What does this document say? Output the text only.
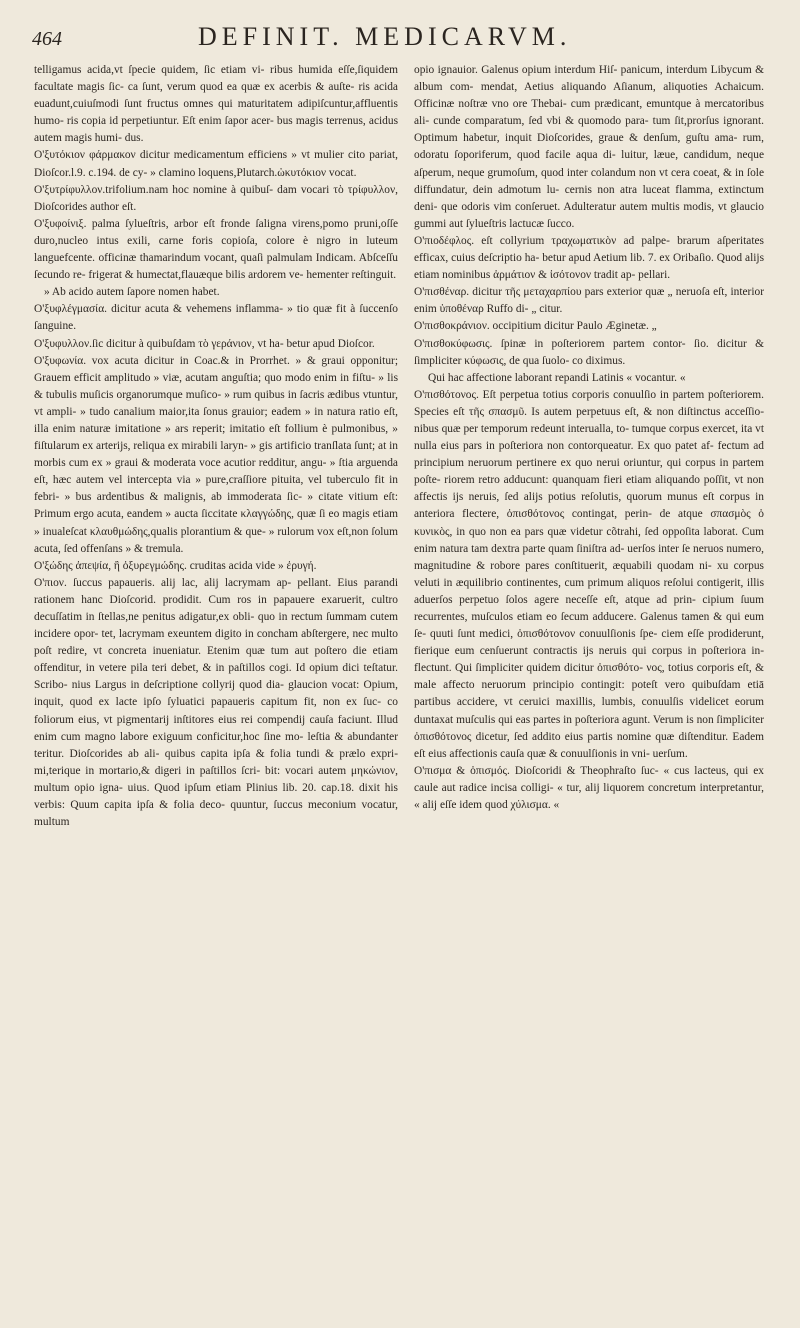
464	DEFINIT. MEDICARVM.

telligamus acida,vt ſpecie quidem, ſic etiam vi- ribus humida eſſe,ſiquidem facultate magis ſic- ca ſunt, verum quod ea quæ ex acerbis & auſte- ris acida euadunt,cuiuſmodi ſunt fructus omnes qui maturitatem adipiſcuntur,affluentis humo- ris copia id perpetiuntur. Eſt enim ſapor acer- bus magis terrenus, acidus autem magis humi- dus.

O'ξυτόκιον φάρμακον dicitur medicamentum efficiens » vt mulier cito pariat, Dioſcor.l.9. c.194. de cy- » clamino loquens,Plutarch.ὠκυτόκιον vocat.

O'ξυτρίφυλλον.trifolium.nam hoc nomine à quibuſ- dam vocari τὸ τρίφυλλον, Dioſcorides author eſt.

O'ξυφοίνιξ. palma ſylueſtris, arbor eſt fronde ſaligna virens,pomo pruni,oſſe duro,nucleo intus exili, carne foris copioſa, colore è nigro in luteum languefcente. officinæ thamarindum vocant, quaſi palmulam Indicam. Abſceſſu ſecundo re- frigerat & humectat,flauæque bilis ardorem ve- hementer reſtinguit.

» Ab acido autem ſapore nomen habet.

O'ξυφλέγμασία. dicitur acuta & vehemens inflamma- » tio quæ fit à ſuccenſo ſanguine.

O'ξυφυλλον.ſic dicitur à quibuſdam τὸ γεράνιον, vt ha- betur apud Dioſcor.

O'ξυφωνία. vox acuta dicitur in Coac.& in Prorrhet. » & graui opponitur; Grauem efficit amplitudo » viæ, acutam anguſtia; quo modo enim in fiſtu- » lis & tubulis muſicis organorumque muſico- » rum quibus in ſacris ædibus vtuntur, vt ampli- » tudo canalium maior,ita ſonus grauior; eadem » in natura ratio eſt, illa enim naturæ imitatione » ars reperit; imitatio eſt follium è pulmonibus, » fiſtularum ex arterijs, reliqua ex mirabili laryn- » gis artificio tranſlata ſunt; at in morbis cum ex » graui & moderata voce acutior redditur, angu- » ſtia arguenda eſt, hæc autem vel intercepta via » pure,craſſiore pituita, vel tuberculo fit in febri- » bus ardentibus & malignis, ab immoderata ſic- » citate vitium eſt: Primum ergo acuta, eandem » aucta ſiccitate κλαγγώδης, quæ ſi eo magis etiam » inualeſcat κλαυθμώδης,qualis plorantium & que- » rulorum vox eſt,non ſolum acuta, ſed offenſans » & tremula.

O'ξώδης ἀπεψία, ἢ ὀξυρεγμώδης. cruditas acida vide » ἐρυγή.

O'πιον. ſuccus papaueris. alij lac, alij lacrymam ap- pellant. Eius parandi rationem hanc Dioſcorid. prodidit. Cum ros in papauere exaruerit, cultro decuſſatim in ſtellas,ne penitus adigatur,ex obli- quo in rectum ſummam cutem incidere opor- tet, lacrymam exeuntem digito in concham abſtergere, nec multo poſt redire, vt concreta inueniatur. Etenim quæ tum aut poſtero die etiam offenditur, in vetere pila teri debet, & in paſtillos cogi. Id opium dici teſtatur. Scribo- nius Largus in deſcriptione collyrij quod dia- glaucion vocat: Opium, inquit, quod ex lacte ipſo ſyluatici papaueris capitum fit, non ex ſuc- co foliorum eius, vt pigmentarij inſtitores eius rei compendij cauſa faciunt. Illud enim cum magno labore exiguum conficitur,hoc ſine mo- leſtia & abundanter teritur. Dioſcorides ab ali- quibus capita ipſa & folia tundi & prælo expri- mi,terique in mortario,& digeri in paſtillos ſcri- bit: vocari autem μηκώνιον, multum opio igna- uius. Quod ipſum etiam Plinius lib. 20. cap.18. dixit his verbis: Quum capita ipſa & folia deco- quuntur, ſuccus meconium vocatur, multum

opio ignauior. Galenus opium interdum Hiſ- panicum, interdum Libycum & album com- mendat, Aetius aliquando Aſianum, aliquoties Achaicum. Officinæ noſtræ vno ore Thebai- cum prædicant, emuntque à mercatoribus ali- cunde comparatum, ſed vbi & quomodo para- tum ſit,prorſus ignorant. Optimum habetur, inquit Dioſcorides, graue & denſum, guſtu ama- rum, odoratu ſoporiferum, quod facile aqua di- luitur, læue, candidum, neque aſperum, neque grumoſum, quod inter colandum non vt cera coeat, & in ſole diffundatur, dein admotum lu- cernis non atra luceat flamma, extinctum deni- que odoris vim conſeruet. Adulteratur autem multis modis, vt glaucio gummi aut ſylueſtris lactucæ ſucco.

O'πιοδέφλος. eſt collyrium τραχωματικὸν ad palpe- brarum aſperitates efficax, cuius deſcriptio ha- betur apud Aetium lib. 7. ex Oribaſio. Quod alijs etiam nominibus ἀρμάτιον & ἰσότονον tradit ap- pellari.

O'πισθέναρ. dicitur τῆς μεταχαρπίου pars exterior quæ „ neruoſa eſt, interior enim ὑποθέναρ Ruffo di- „ citur.

O'πισθοκράνιον. occipitium dicitur Paulo Æginetæ. „

O'πισθοκύφωσις. ſpinæ in poſteriorem partem contor- ſio. dicitur & ſimpliciter κύφωσις, de qua ſuolo- co diximus.

Qui hac affectione laborant repandi Latinis « vocantur. «

O'πισθότονος. Eſt perpetua totius corporis conuulſio in partem poſteriorem. Species eſt τῆς σπασμῦ. Is autem perpetuus eſt, & non diſtinctus acceſſio- nibus quæ per temporum redeunt interualla, to- tumque corpus exercet, ita vt nulla eius pars in poſteriora non contorqueatur. Ex quo patet af- fectum ad principium neruorum pertinere ex quo nerui oriuntur, qui corpus in partem poſte- riorem retro adducunt: quanquam fieri etiam aliquando poſſit, vt non affectis ijs neruis, ſed alijs potius reſolutis, quorum munus eſt corpus in anteriora flectere, ὀπισθότονος contingat, perin- de atque σπασμὸς ὁ κυνικὸς, in quo non ea pars quæ videtur cõtrahi, ſed oppoſita laborat. Cum enim natura tam dextra parte quam ſiniſtra ad- uerſos inter ſe neruos numero, magnitudine & robore pares conſtituerit, æquabili quodam ni- xu corpus veluti in æquilibrio continentes, cum primum aliquos reſolui contigerit, illis aduerſos perpetuo ſolos agere neceſſe eſt, atque ad prin- cipium ſuum recurrentes, muſculos etiam eo ſecum adducere. Galenus tamen & qui eum ſe- quuti ſunt medici, ὀπισθότονον conuulſionis ſpe- ciem eſſe prodiderunt, fierique eum cenſuerunt contractis ijs neruis qui corpus in poſteriora in- flectunt. Qui ſimpliciter quidem dicitur ὀπισθότο- νος, totius corporis eſt, & male affecto neruorum principio contingit: poteſt vero quibuſdam etiā partibus accidere, vt ceruici maxillis, lumbis, conuulſis videlicet eorum duntaxat muſculis qui eas partes in poſteriora agunt. Verum is non ſimpliciter ὀπισθότονος dicetur, ſed addito eius partis nomine quæ diſtenditur. Eadem eſt eius affectionis cauſa quæ & conuulſionis in vni- uerſum.

O'πισμα & ὀπισμός. Dioſcoridi & Theophraſto ſuc- « cus lacteus, qui ex caule aut radice incisa colligi- « tur, alij liquorem concretum interpretantur, « alij eſſe idem quod χύλισμα. «
